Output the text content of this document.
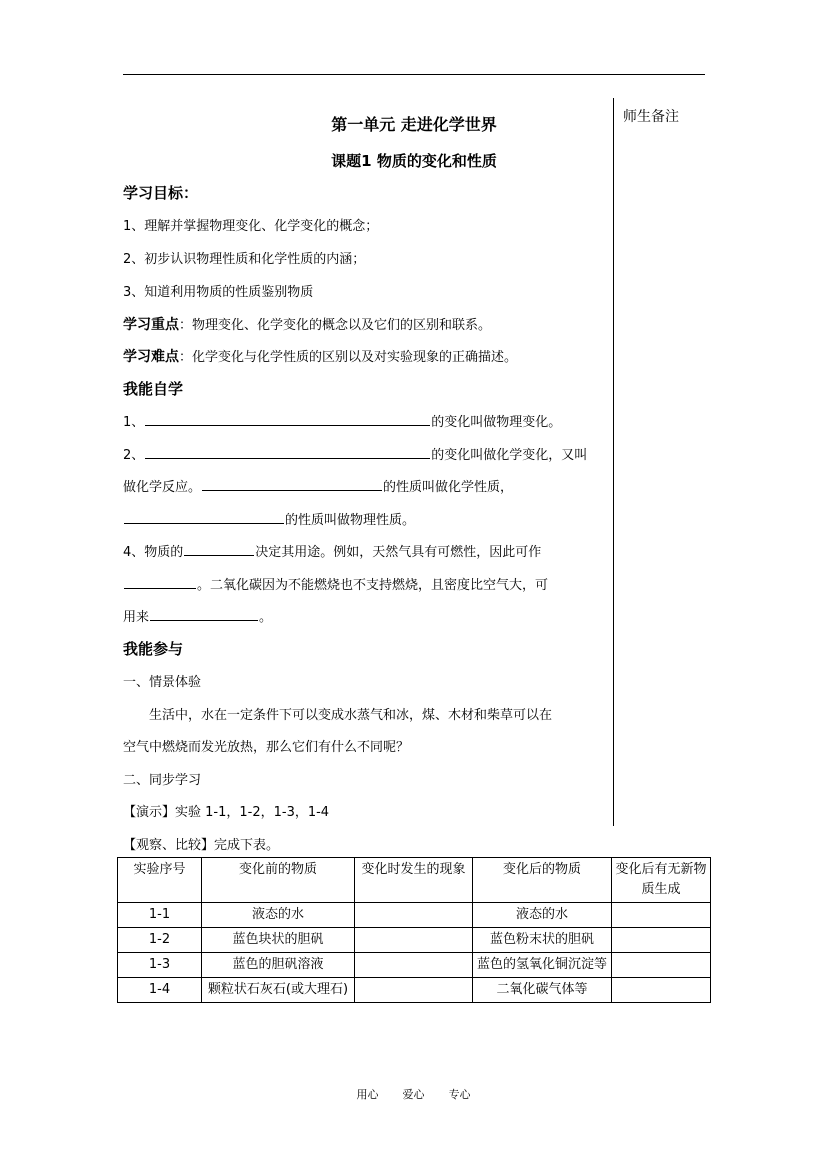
师生备注
第一单元 走进化学世界
课题1 物质的变化和性质
学习目标：
1、理解并掌握物理变化、化学变化的概念；
2、初步认识物理性质和化学性质的内涵；
3、知道利用物质的性质鉴别物质
学习重点：物理变化、化学变化的概念以及它们的区别和联系。
学习难点：化学变化与化学性质的区别以及对实验现象的正确描述。
我能自学
1、	的变化叫做物理变化。
2、	的变化叫做化学变化，又叫
做化学反应。	的性质叫做化学性质，
的性质叫做物理性质。
4、物质的	决定其用途。例如，天然气具有可燃性，因此可作
。二氧化碳因为不能燃烧也不支持燃烧，且密度比空气大，可
用来	。
我能参与
一、情景体验
生活中，水在一定条件下可以变成水蒸气和冰，煤、木材和柴草可以在
空气中燃烧而发光放热，那么它们有什么不同呢？
二、同步学习
【演示】实验 1-1，1-2，1-3，1-4
【观察、比较】完成下表。
实验序号	变化前的物质	变化时发生的现象	变化后的物质	变化后有无新物质生成
1-1	液态的水		液态的水	
1-2	蓝色块状的胆矾		蓝色粉末状的胆矾	
1-3	蓝色的胆矾溶液		蓝色的氢氧化铜沉淀等	
1-4	颗粒状石灰石(或大理石)		二氧化碳气体等	
用心 爱心 专心
